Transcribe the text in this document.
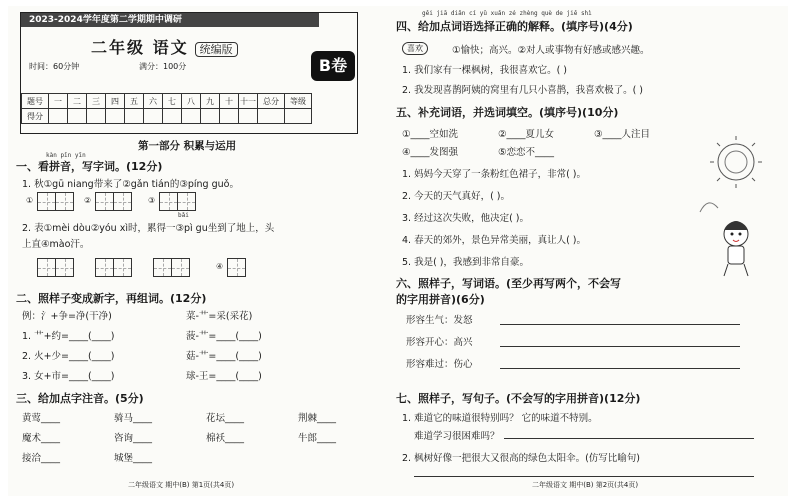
2023-2024学年度第二学期期中调研
二年级 语文 统编版
时间：60分钟	满分：100分	B卷
题号	一	二	三	四	五	六	七	八	九	十	十一	总分	等级
得分													
第一部分 积累与运用
kàn pīn yīn
一、看拼音，写字词。(12分)
1. 秋①gū niang带来了②gǎn tián的③píng guǒ。
①	②	③
bǎi
2. 表①mèi dòu②yóu xì时，累得一③pì gu坐到了地上，头
上直④mào汗。
④
二、照样子变成新字，再组词。(12分)
例：氵+争=净(干净)	菜-艹=采(采花)
三、给加点字注音。(5分)
二年级语文 期中(B) 第1页(共4页)
1. 艹+约=____(____)	菠-艹=____(____)
2. 火+少=____(____)	菇-艹=____(____)
3. 女+市=____(____)	球-王=____(____)
黄莺____	骑马____	花坛____	荆棘____
魔术____	咨询____	棉袄____	牛郎____
接洽____	城堡____
gěi jiā diǎn cí yǔ xuǎn zé zhèng què de jiě shì
四、给加点词语选择正确的解释。(填序号)(4分)
喜欢	①愉快；高兴。②对人或事物有好感或感兴趣。
1. 我们家有一棵枫树，我很喜欢它。( )
2. 我发现喜鹊阿姨的窝里有几只小喜鹊，我喜欢极了。( )
五、补充词语，并选词填空。(填序号)(10分)
六、照样子，写词语。(至少再写两个，不会写的字用拼音)(6分)
七、照样子，写句子。(不会写的字用拼音)(12分)
1. 难道它的味道很特别吗？ 它的味道不特别。
难道学习很困难吗？
2. 枫树好像一把很大又很高的绿色太阳伞。(仿写比喻句)
二年级语文 期中(B) 第2页(共4页)
①____空如洗	②____夏儿女	③____人注目
④____发图强	⑤恋恋不____
1. 妈妈今天穿了一条粉红色裙子，非常( )。
2. 今天的天气真好，( )。
3. 经过这次失败，他决定( )。
4. 春天的郊外，景色异常美丽，真让人( )。
5. 我是( )，我感到非常自豪。
形容生气：发怒
形容开心：高兴
形容难过：伤心
